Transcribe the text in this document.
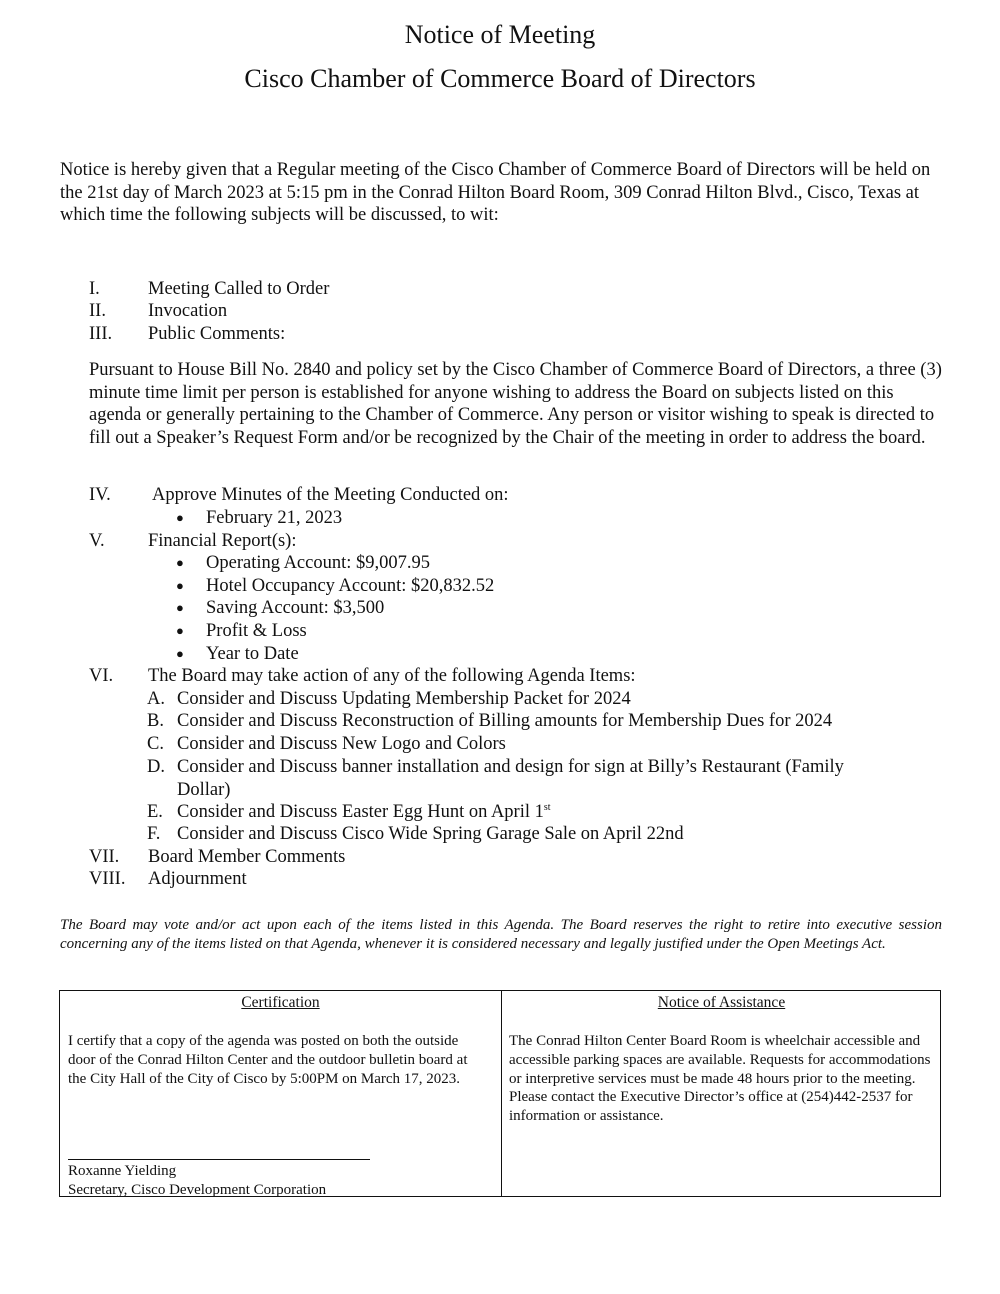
Notice of Meeting
Cisco Chamber of Commerce Board of Directors

Notice is hereby given that a Regular meeting of the Cisco Chamber of Commerce Board of Directors will be held on the 21st day of March 2023 at 5:15 pm in the Conrad Hilton Board Room, 309 Conrad Hilton Blvd., Cisco, Texas at which time the following subjects will be discussed, to wit:

I.	Meeting Called to Order
II. Invocation
III. Public Comments:

Pursuant to House Bill No. 2840 and policy set by the Cisco Chamber of Commerce Board of Directors, a three (3) minute time limit per person is established for anyone wishing to address the Board on subjects listed on this agenda or generally pertaining to the Chamber of Commerce. Any person or visitor wishing to speak is directed to fill out a Speaker’s Request Form and/or be recognized by the Chair of the meeting in order to address the board.

IV. Approve Minutes of the Meeting Conducted on:
● February 21, 2023
V. Financial Report(s):
● Operating Account: $9,007.95
● Hotel Occupancy Account: $20,832.52
● Saving Account: $3,500
● Profit & Loss
● Year to Date
VI. The Board may take action of any of the following Agenda Items:
A. Consider and Discuss Updating Membership Packet for 2024
B. Consider and Discuss Reconstruction of Billing amounts for Membership Dues for 2024
C. Consider and Discuss New Logo and Colors
D. Consider and Discuss banner installation and design for sign at Billy’s Restaurant (Family Dollar)
E. Consider and Discuss Easter Egg Hunt on April 1st
F. Consider and Discuss Cisco Wide Spring Garage Sale on April 22nd
VII. Board Member Comments
VIII. Adjournment

The Board may vote and/or act upon each of the items listed in this Agenda. The Board reserves the right to retire into executive session concerning any of the items listed on that Agenda, whenever it is considered necessary and legally justified under the Open Meetings Act.

Certification

I certify that a copy of the agenda was posted on both the outside door of the Conrad Hilton Center and the outdoor bulletin board at the City Hall of the City of Cisco by 5:00PM on March 17, 2023.

Roxanne Yielding
Secretary, Cisco Development Corporation
Notice of Assistance

The Conrad Hilton Center Board Room is wheelchair accessible and accessible parking spaces are available. Requests for accommodations or interpretive services must be made 48 hours prior to the meeting. Please contact the Executive Director’s office at (254)442-2537 for information or assistance.
